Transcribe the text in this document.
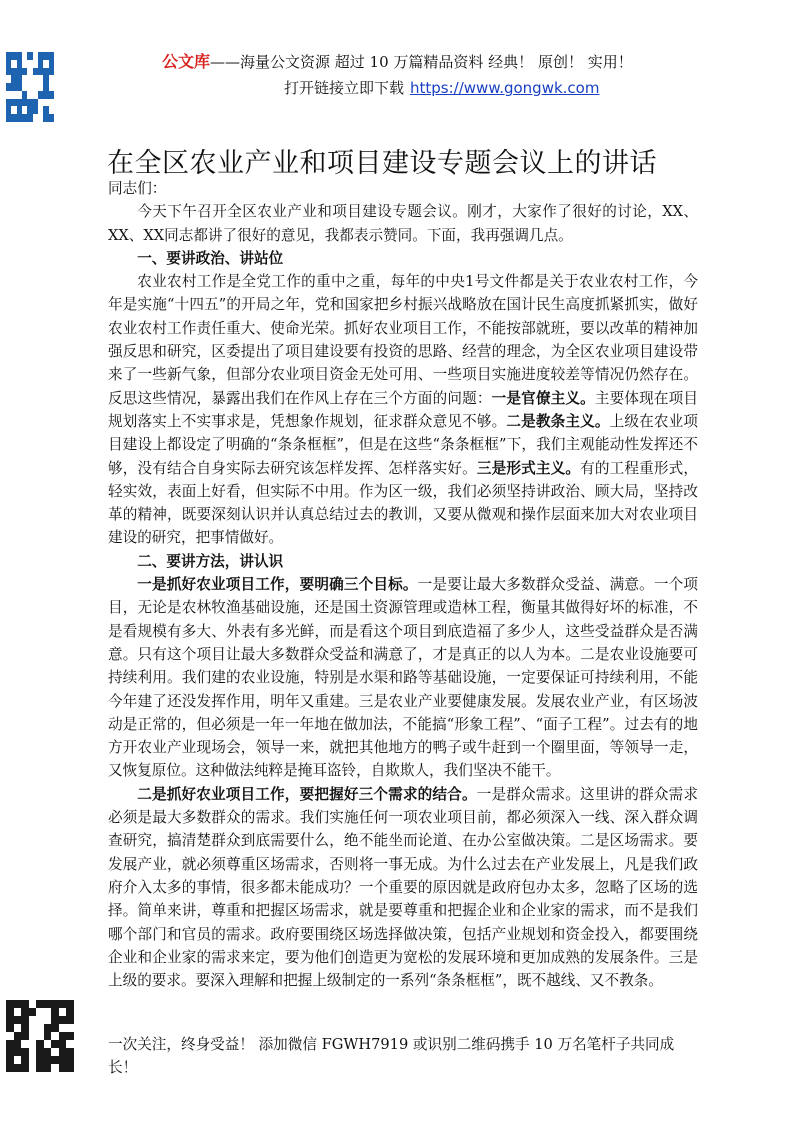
公文库——海量公文资源 超过 10 万篇精品资料 经典！ 原创！ 实用！
打开链接立即下载 https://www.gongwk.com
在全区农业产业和项目建设专题会议上的讲话

同志们：

今天下午召开全区农业产业和项目建设专题会议。刚才，大家作了很好的讨论，XX、XX、XX同志都讲了很好的意见，我都表示赞同。下面，我再强调几点。

一、要讲政治、讲站位

农业农村工作是全党工作的重中之重，每年的中央1号文件都是关于农业农村工作，今年是实施“十四五”的开局之年，党和国家把乡村振兴战略放在国计民生高度抓紧抓实，做好农业农村工作责任重大、使命光荣。抓好农业项目工作，不能按部就班，要以改革的精神加强反思和研究，区委提出了项目建设要有投资的思路、经营的理念，为全区农业项目建设带来了一些新气象，但部分农业项目资金无处可用、一些项目实施进度较差等情况仍然存在。反思这些情况，暴露出我们在作风上存在三个方面的问题：一是官僚主义。主要体现在项目规划落实上不实事求是，凭想象作规划，征求群众意见不够。二是教条主义。上级在农业项目建设上都设定了明确的“条条框框”，但是在这些“条条框框”下，我们主观能动性发挥还不够，没有结合自身实际去研究该怎样发挥、怎样落实好。三是形式主义。有的工程重形式，轻实效，表面上好看，但实际不中用。作为区一级，我们必须坚持讲政治、顾大局，坚持改革的精神，既要深刻认识并认真总结过去的教训，又要从微观和操作层面来加大对农业项目建设的研究，把事情做好。

二、要讲方法，讲认识

一是抓好农业项目工作，要明确三个目标。一是要让最大多数群众受益、满意。一个项目，无论是农林牧渔基础设施，还是国土资源管理或造林工程，衡量其做得好坏的标准，不是看规模有多大、外表有多光鲜，而是看这个项目到底造福了多少人，这些受益群众是否满意。只有这个项目让最大多数群众受益和满意了，才是真正的以人为本。二是农业设施要可持续利用。我们建的农业设施，特别是水渠和路等基础设施，一定要保证可持续利用，不能今年建了还没发挥作用，明年又重建。三是农业产业要健康发展。发展农业产业，有区场波动是正常的，但必须是一年一年地在做加法，不能搞“形象工程”、“面子工程”。过去有的地方开农业产业现场会，领导一来，就把其他地方的鸭子或牛赶到一个圈里面，等领导一走，又恢复原位。这种做法纯粹是掩耳盗铃，自欺欺人，我们坚决不能干。

二是抓好农业项目工作，要把握好三个需求的结合。一是群众需求。这里讲的群众需求必须是最大多数群众的需求。我们实施任何一项农业项目前，都必须深入一线、深入群众调查研究，搞清楚群众到底需要什么，绝不能坐而论道、在办公室做决策。二是区场需求。要发展产业，就必须尊重区场需求，否则将一事无成。为什么过去在产业发展上，凡是我们政府介入太多的事情，很多都未能成功？一个重要的原因就是政府包办太多，忽略了区场的选择。简单来讲，尊重和把握区场需求，就是要尊重和把握企业和企业家的需求，而不是我们哪个部门和官员的需求。政府要围绕区场选择做决策，包括产业规划和资金投入，都要围绕企业和企业家的需求来定，要为他们创造更为宽松的发展环境和更加成熟的发展条件。三是上级的要求。要深入理解和把握上级制定的一系列“条条框框”，既不越线、又不教条。

一次关注，终身受益！ 添加微信 FGWH7919 或识别二维码携手 10 万名笔杆子共同成长！
